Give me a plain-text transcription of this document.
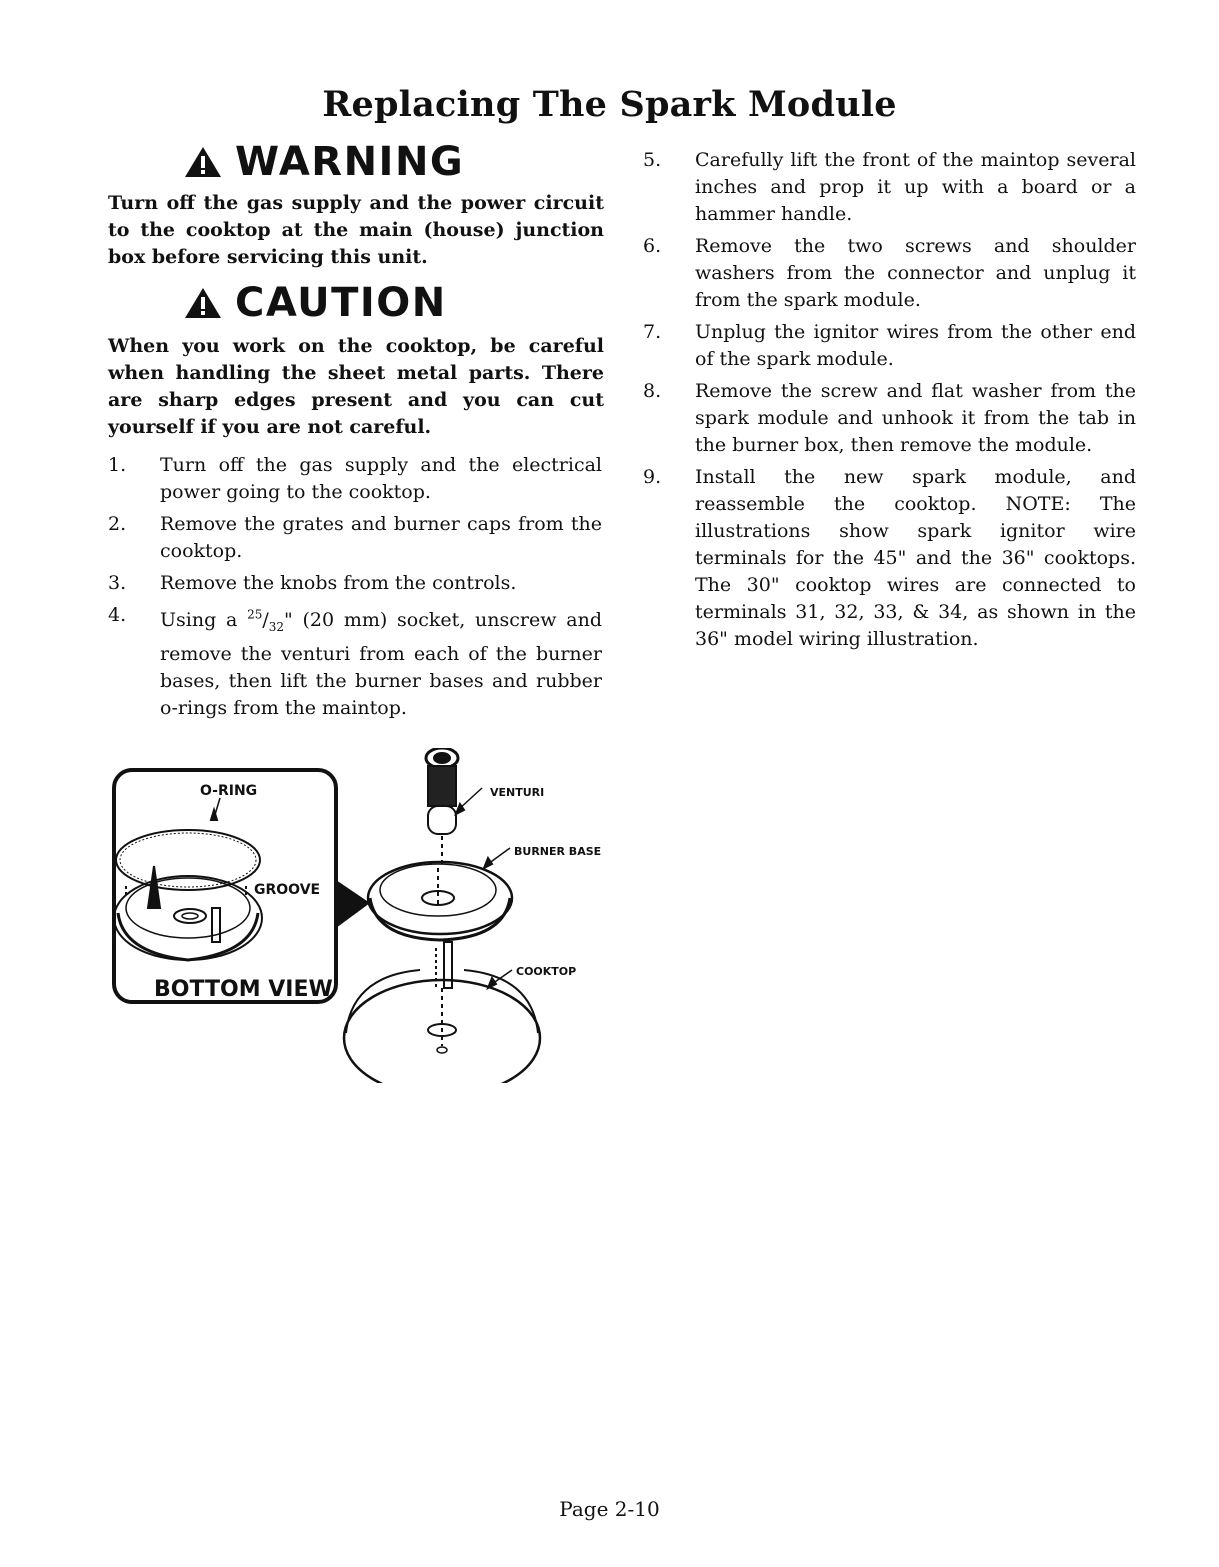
Replacing The Spark Module
WARNING
Turn off the gas supply and the power circuit to the cooktop at the main (house) junction box before servicing this unit.
CAUTION
When you work on the cooktop, be careful when handling the sheet metal parts. There are sharp edges present and you can cut yourself if you are not careful.
1.	Turn off the gas supply and the electrical power going to the cooktop.
2.	Remove the grates and burner caps from the cooktop.
3.	Remove the knobs from the controls.
4.	Using a $^{25}/_{32}$" (20 mm) socket, unscrew and remove the venturi from each of the burner bases, then lift the burner bases and rubber o-rings from the maintop.
5.	Carefully lift the front of the maintop several inches and prop it up with a board or a hammer handle.
6.	Remove the two screws and shoulder washers from the connector and unplug it from the spark module.
7.	Unplug the ignitor wires from the other end of the spark module.
8.	Remove the screw and flat washer from the spark module and unhook it from the tab in the burner box, then remove the module.
9.	Install the new spark module, and reassemble the cooktop. NOTE: The illustrations show spark ignitor wire terminals for the 45" and the 36" cooktops. The 30" cooktop wires are connected to terminals 31, 32, 33, & 34, as shown in the 36" model wiring illustration.
O-RING
GROOVE
BOTTOM VIEW
VENTURI
BURNER BASE
COOKTOP
Page 2-10
